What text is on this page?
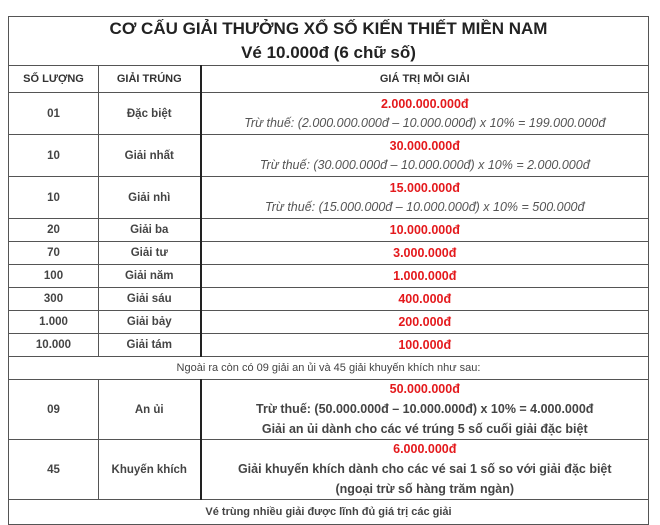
CƠ CẤU GIẢI THƯỞNG XỔ SỐ KIẾN THIẾT MIỀN NAM
Vé 10.000đ (6 chữ số)		

SỐ LƯỢNG	GIẢI TRÚNG	GIÁ TRỊ MỖI GIẢI
01	Đặc biệt	2.000.000.000đ
Trừ thuế: (2.000.000.000đ – 10.000.000đ) x 10% = 199.000.000đ

10	Giải nhất	30.000.000đ
Trừ thuế: (30.000.000đ – 10.000.000đ) x 10% = 2.000.000đ

10	Giải nhì	15.000.000đ
Trừ thuế: (15.000.000đ – 10.000.000đ) x 10% = 500.000đ

20	Giải ba	10.000.000đ
70	Giải tư	3.000.000đ
100	Giải năm	1.000.000đ
300	Giải sáu	400.000đ
1.000	Giải bảy	200.000đ
10.000	Giải tám	100.000đ
Ngoài ra còn có 09 giải an ủi và 45 giải khuyến khích như sau:		
09	An ủi	50.000.000đ
Trừ thuế: (50.000.000đ – 10.000.000đ) x 10% = 4.000.000đ
Giải an ủi dành cho các vé trúng 5 số cuối giải đặc biệt

45	Khuyến khích	6.000.000đ
Giải khuyến khích dành cho các vé sai 1 số so với giải đặc biệt
(ngoại trừ số hàng trăm ngàn)

Vé trùng nhiều giải được lĩnh đủ giá trị các giải		
